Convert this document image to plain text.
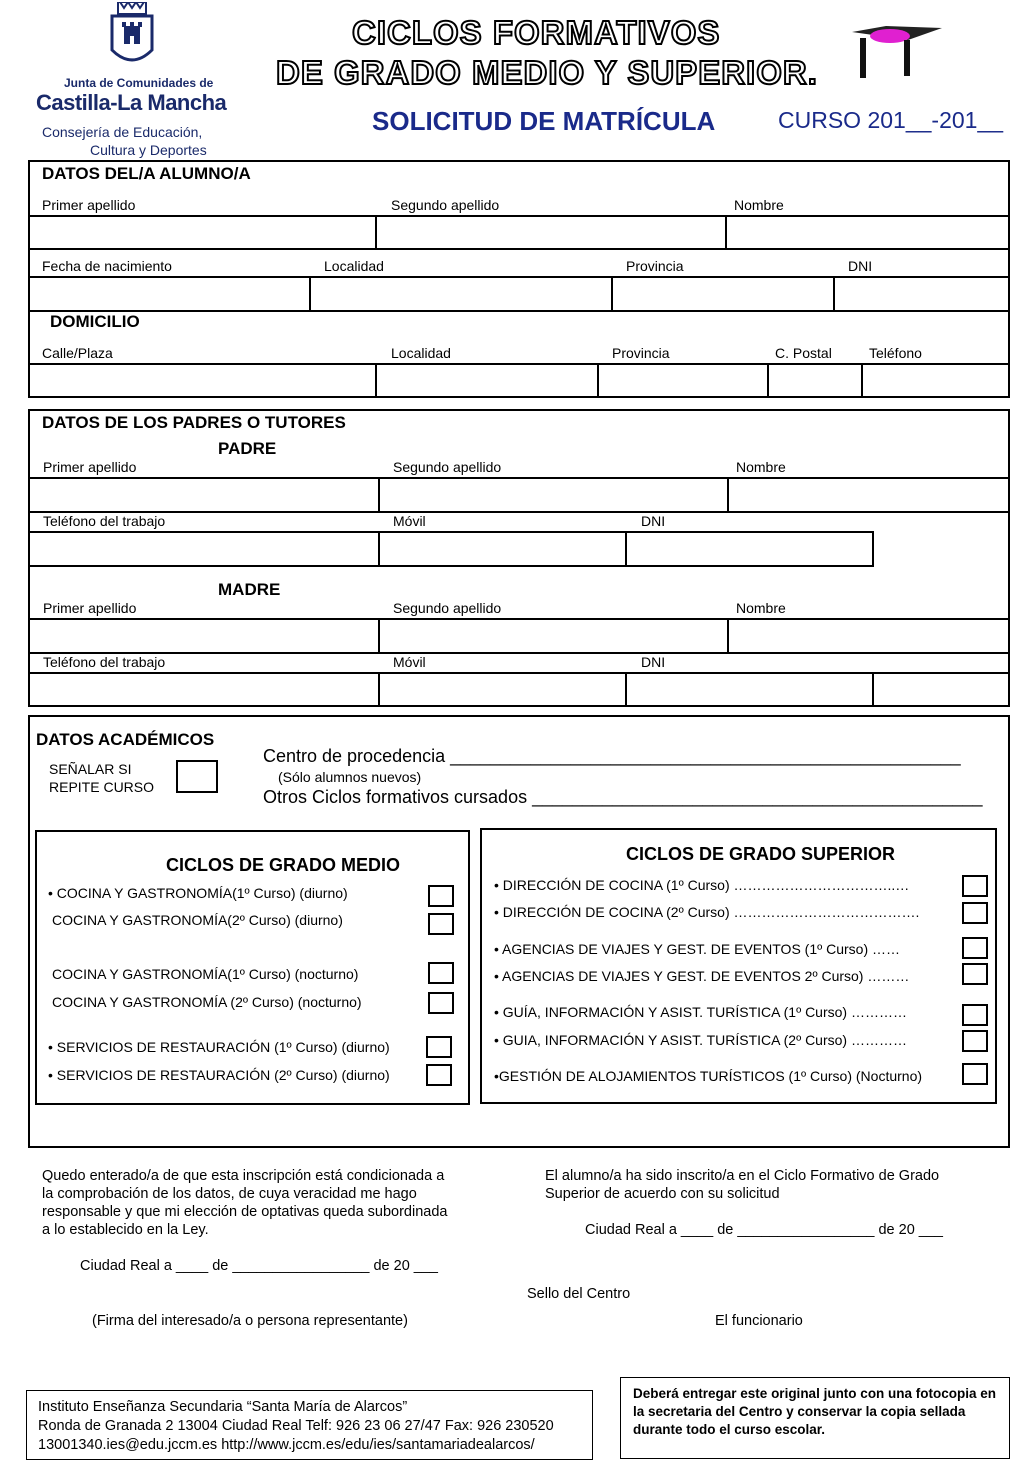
Junta de Comunidades de
Castilla-La Mancha
Consejería de Educación,
Cultura y Deportes
CICLOS FORMATIVOS
DE GRADO MEDIO Y SUPERIOR.
SOLICITUD DE MATRÍCULA	CURSO 201__-201__
DATOS DEL/A ALUMNO/A
Primer apellido	Segundo apellido	Nombre
Fecha de nacimiento	Localidad	Provincia	DNI
DOMICILIO
Calle/Plaza	Localidad	Provincia	C. Postal	Teléfono
DATOS DE LOS PADRES O TUTORES
PADRE
Primer apellido	Segundo apellido	Nombre
Teléfono del trabajo	Móvil	DNI
MADRE
Primer apellido	Segundo apellido	Nombre
Teléfono del trabajo	Móvil	DNI
DATOS ACADÉMICOS
SEÑALAR SI
REPITE CURSO
Centro de procedencia ___________________________________________________
(Sólo alumnos nuevos)
Otros Ciclos formativos cursados _____________________________________________
CICLOS DE GRADO MEDIO
• COCINA Y GASTRONOMÍA(1º Curso) (diurno)
COCINA Y GASTRONOMÍA(2º Curso) (diurno)
COCINA Y GASTRONOMÍA(1º Curso) (nocturno)
COCINA Y GASTRONOMÍA (2º Curso) (nocturno)
• SERVICIOS DE RESTAURACIÓN (1º Curso) (diurno)
• SERVICIOS DE RESTAURACIÓN (2º Curso) (diurno)
CICLOS DE GRADO SUPERIOR
• DIRECCIÓN DE COCINA (1º Curso) ……………………………..…
• DIRECCIÓN DE COCINA (2º Curso) ………………………………….
• AGENCIAS DE VIAJES Y GEST. DE EVENTOS (1º Curso) ……
• AGENCIAS DE VIAJES Y GEST. DE EVENTOS 2º Curso) ………
• GUÍA, INFORMACIÓN Y ASIST. TURÍSTICA (1º Curso) …………
• GUIA, INFORMACIÓN Y ASIST. TURÍSTICA (2º Curso) …………
•GESTIÓN DE ALOJAMIENTOS TURÍSTICOS (1º Curso) (Nocturno)
Quedo enterado/a de que esta inscripción está condicionada a
la comprobación de los datos, de cuya veracidad me hago
responsable y que mi elección de optativas queda subordinada
a lo establecido en la Ley.
Ciudad Real a ____ de _________________ de 20 ___
(Firma del interesado/a o persona representante)
El alumno/a ha sido inscrito/a en el Ciclo Formativo de Grado
Superior de acuerdo con su solicitud
Ciudad Real a ____ de _________________ de 20 ___
Sello del Centro
El funcionario
Instituto Enseñanza Secundaria “Santa María de Alarcos”
Ronda de Granada 2 13004 Ciudad Real Telf: 926 23 06 27/47 Fax: 926 230520
13001340.ies@edu.jccm.es http://www.jccm.es/edu/ies/santamariadealarcos/
Deberá entregar este original junto con una fotocopia en la secretaria del Centro y conservar la copia sellada durante todo el curso escolar.
